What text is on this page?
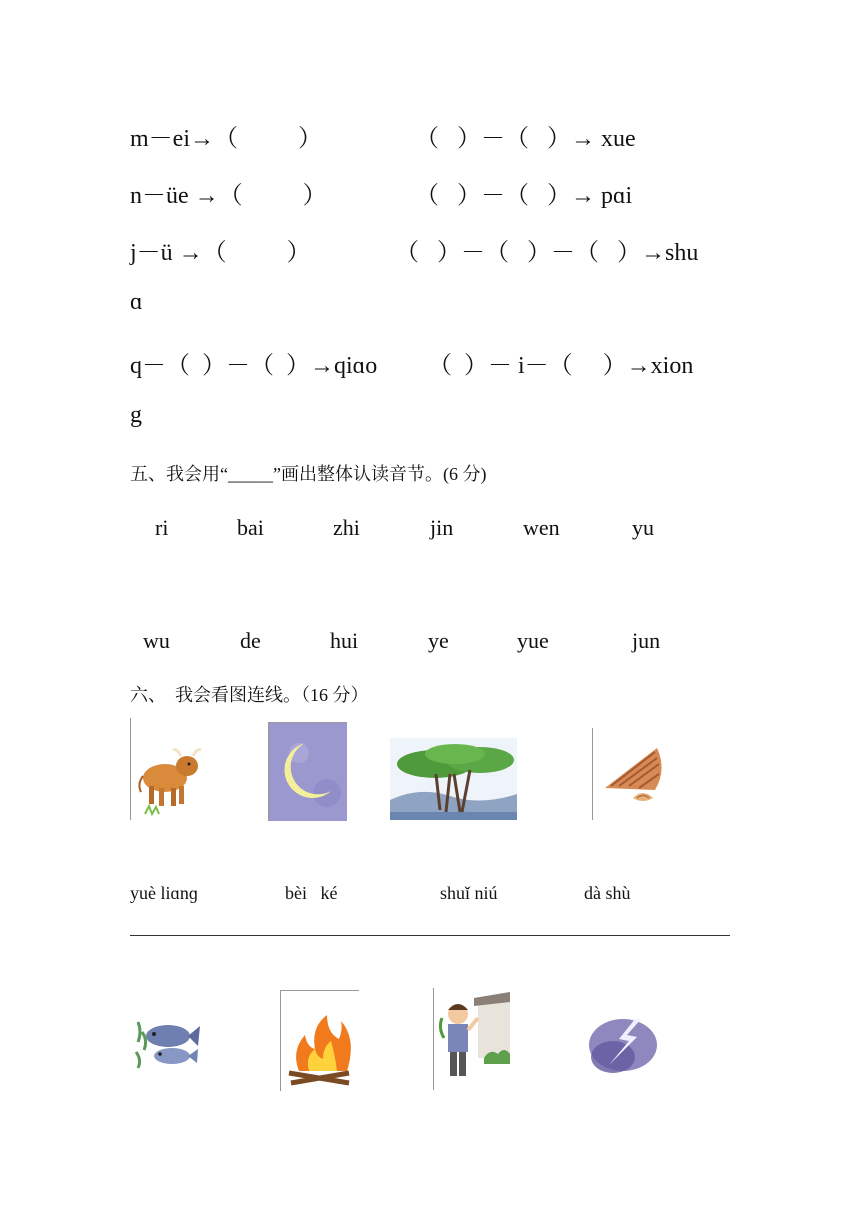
m－ei→（          ）	（   ）－（   ）→ xue
n－üe →（          ）	（   ）－（   ）→ pɑi
j－ü →（          ）	（   ）－（   ）－（   ）→shu
ɑ
q－（  ）－（  ）→qiɑo （  ）－ i－（     ）→xion
g
五、我会用“_____”画出整体认读音节。(6 分)
ri	bai	zhi	jin	wen	yu
wu	de	hui	ye	yue	jun
六、  我会看图连线。（16 分）
yuè liɑnɡ	bèi   ké	shuǐ niú	dà shù
